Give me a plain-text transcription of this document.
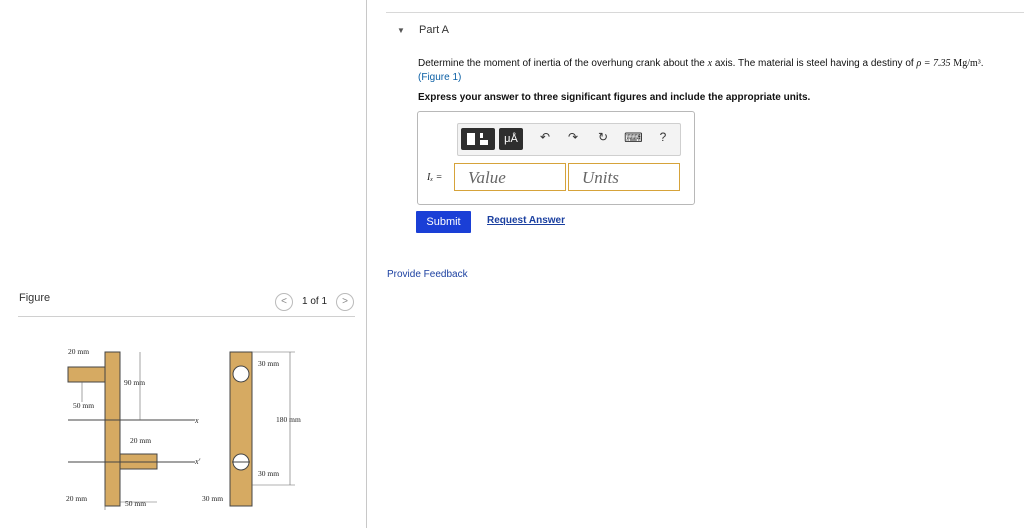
▼ Part A
Determine the moment of inertia of the overhung crank about the x axis. The material is steel having a destiny of ρ = 7.35 Mg/m³.
(Figure 1)
Express your answer to three significant figures and include the appropriate units.
μÅ	↶	↷	↻	⌨	?
Iₓ =	Value	Units
Submit	Request Answer
Provide Feedback
Figure	<	1 of 1	>
20 mm
90 mm
50 mm
20 mm
20 mm
50 mm
30 mm
30 mm
180 mm
30 mm
x
x′
